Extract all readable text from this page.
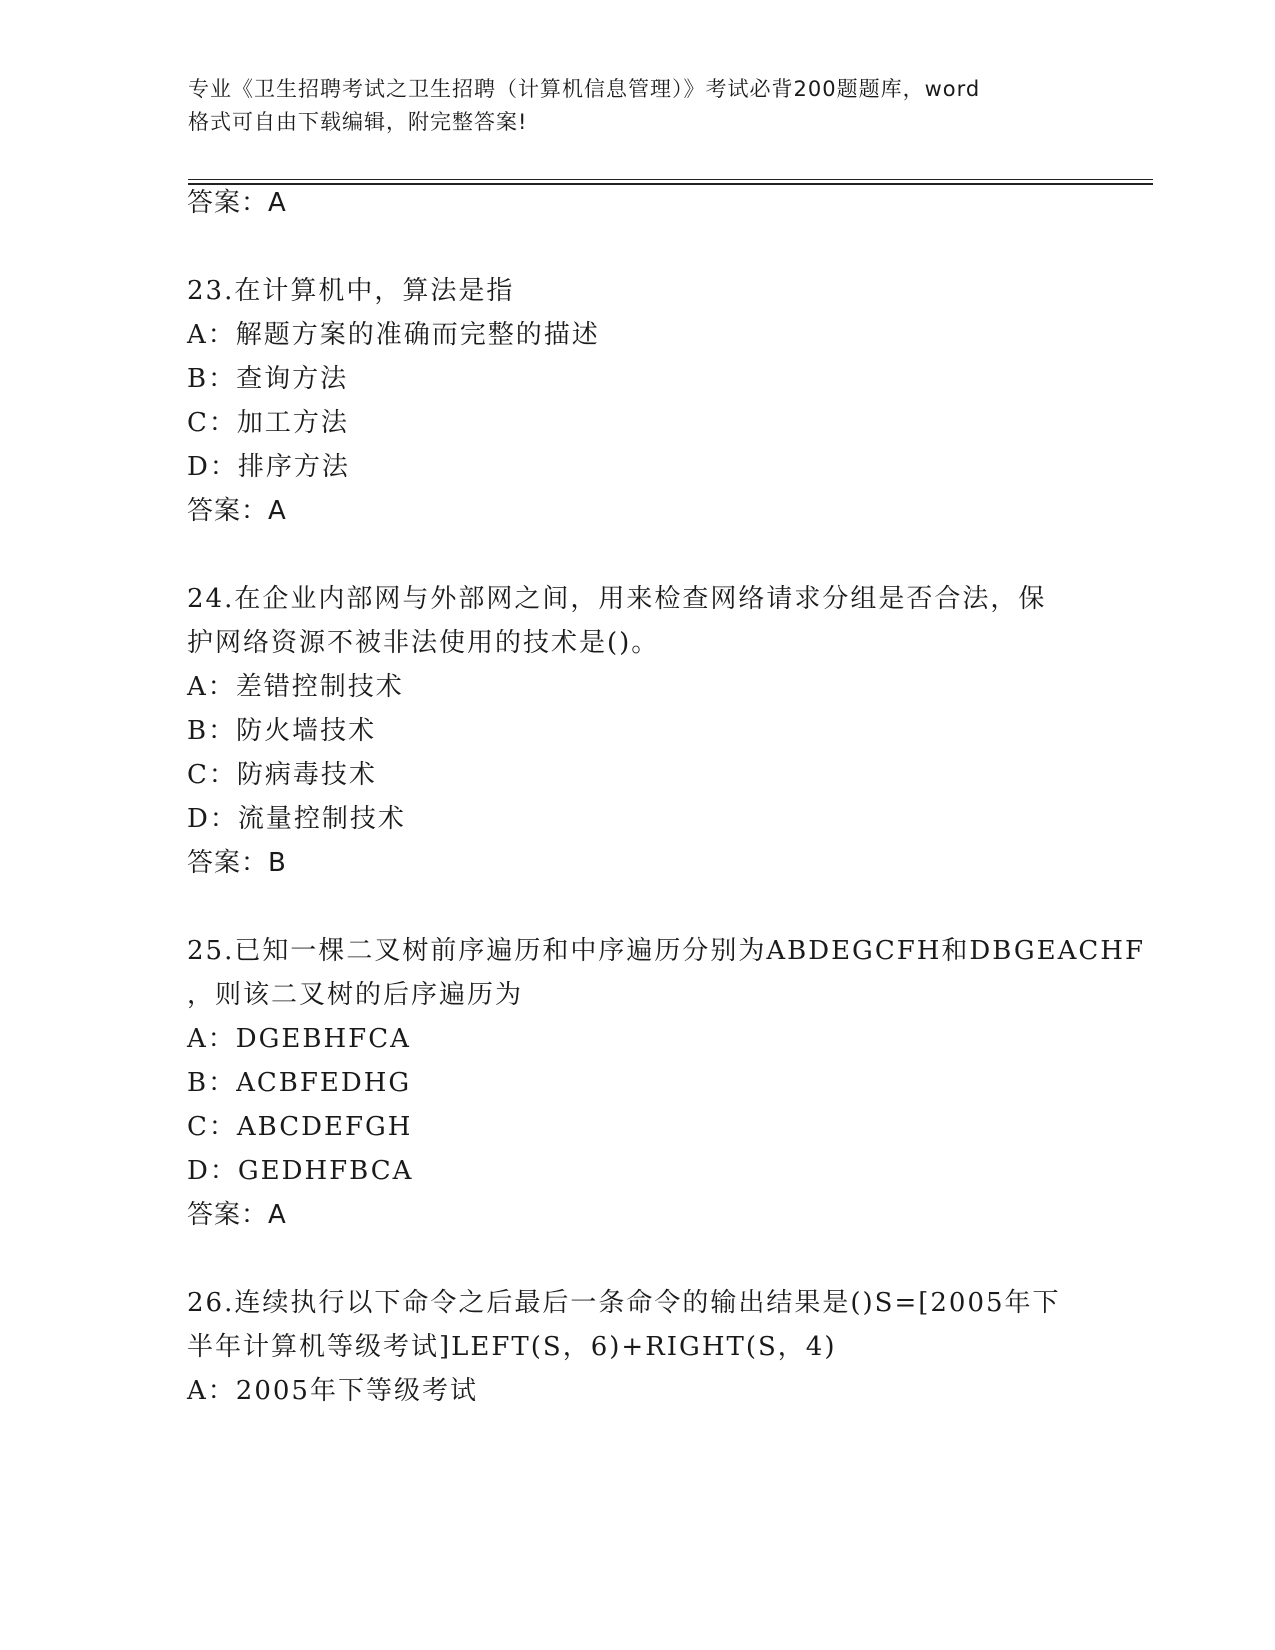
专业《卫生招聘考试之卫生招聘（计算机信息管理）》考试必背200题题库，word
格式可自由下载编辑，附完整答案!
答案：A
23.在计算机中，算法是指
A：解题方案的准确而完整的描述
B：查询方法
C：加工方法
D：排序方法
答案：A
24.在企业内部网与外部网之间，用来检查网络请求分组是否合法，保
护网络资源不被非法使用的技术是()。
A：差错控制技术
B：防火墙技术
C：防病毒技术
D：流量控制技术
答案：B
25.已知一棵二叉树前序遍历和中序遍历分别为ABDEGCFH和DBGEACHF
，则该二叉树的后序遍历为
A：DGEBHFCA
B：ACBFEDHG
C：ABCDEFGH
D：GEDHFBCA
答案：A
26.连续执行以下命令之后最后一条命令的输出结果是()S=[2005年下
半年计算机等级考试]LEFT(S，6)+RIGHT(S，4)
A：2005年下等级考试
